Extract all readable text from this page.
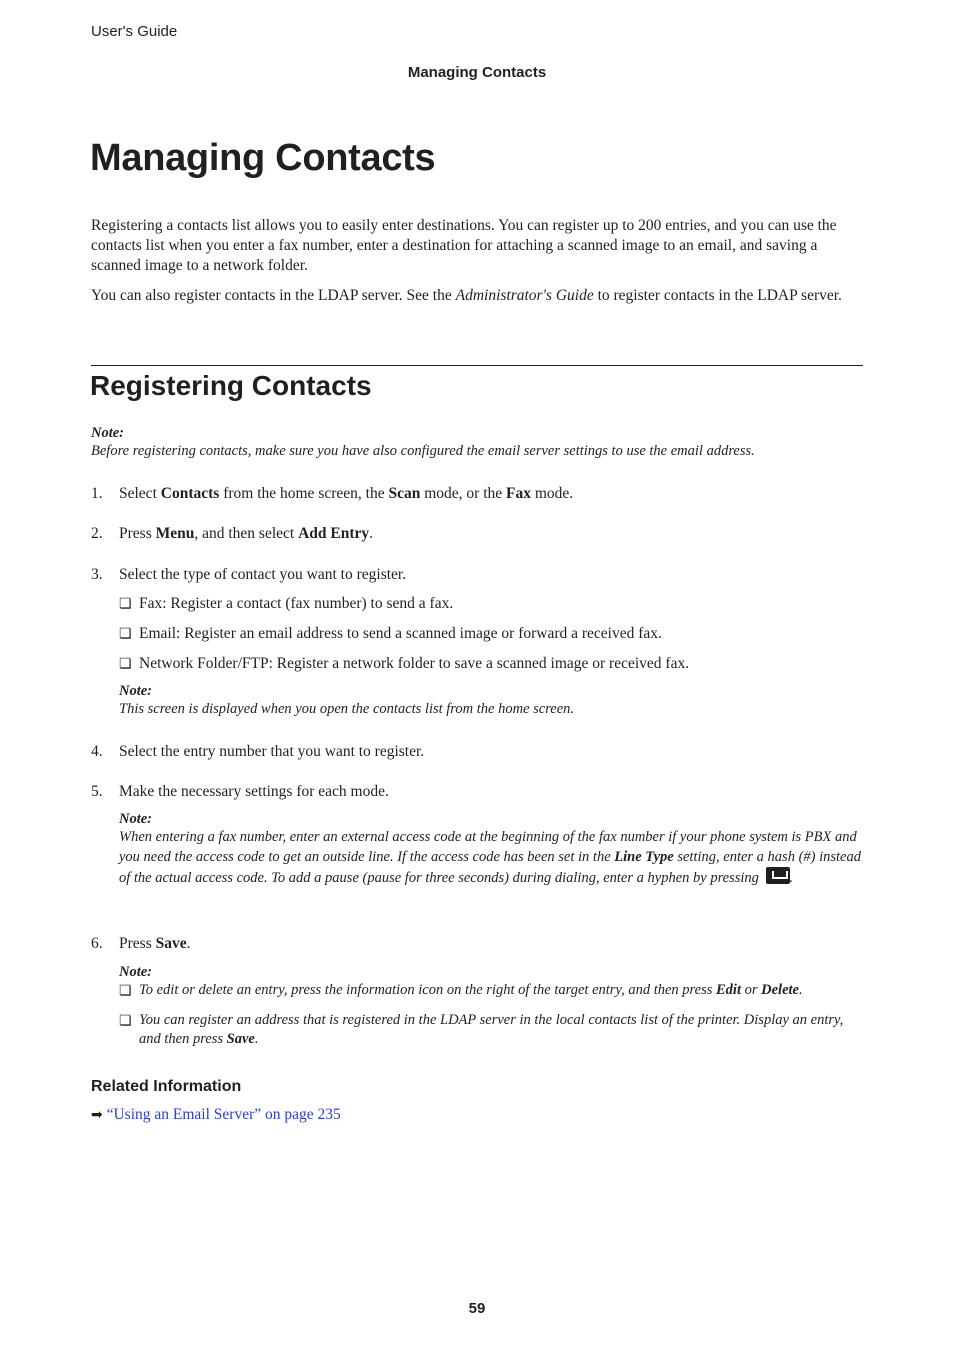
User's Guide
Managing Contacts
Managing Contacts
Registering a contacts list allows you to easily enter destinations. You can register up to 200 entries, and you can use the contacts list when you enter a fax number, enter a destination for attaching a scanned image to an email, and saving a scanned image to a network folder.
You can also register contacts in the LDAP server. See the Administrator's Guide to register contacts in the LDAP server.
Registering Contacts
Note:
Before registering contacts, make sure you have also configured the email server settings to use the email address.
1. Select Contacts from the home screen, the Scan mode, or the Fax mode.
2. Press Menu, and then select Add Entry.
3. Select the type of contact you want to register.
❏ Fax: Register a contact (fax number) to send a fax.
❏ Email: Register an email address to send a scanned image or forward a received fax.
❏ Network Folder/FTP: Register a network folder to save a scanned image or received fax.
Note:
This screen is displayed when you open the contacts list from the home screen.
4. Select the entry number that you want to register.
5. Make the necessary settings for each mode.
Note:
When entering a fax number, enter an external access code at the beginning of the fax number if your phone system is PBX and you need the access code to get an outside line. If the access code has been set in the Line Type setting, enter a hash (#) instead of the actual access code. To add a pause (pause for three seconds) during dialing, enter a hyphen by pressing .
6. Press Save.
Note:
❏ To edit or delete an entry, press the information icon on the right of the target entry, and then press Edit or Delete.
❏ You can register an address that is registered in the LDAP server in the local contacts list of the printer. Display an entry, and then press Save.
Related Information
➡ “Using an Email Server” on page 235
59
